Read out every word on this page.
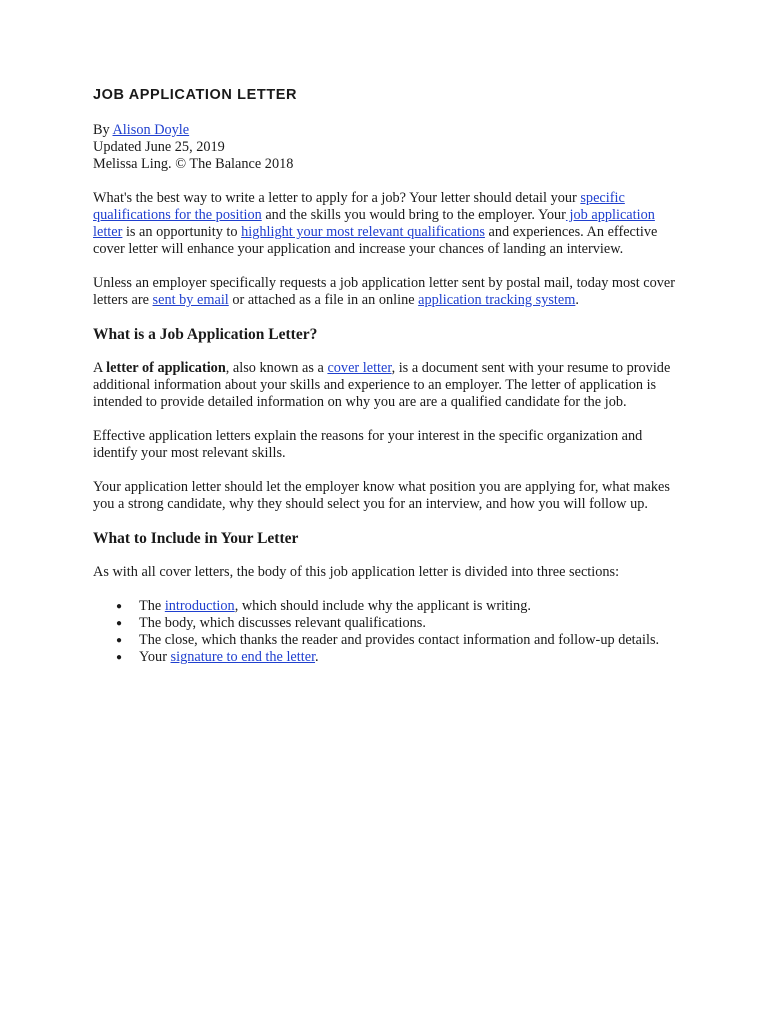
JOB APPLICATION LETTER
By Alison Doyle
Updated June 25, 2019
Melissa Ling. © The Balance 2018

What's the best way to write a letter to apply for a job? Your letter should detail your specific qualifications for the position and the skills you would bring to the employer. Your job application letter is an opportunity to highlight your most relevant qualifications and experiences. An effective cover letter will enhance your application and increase your chances of landing an interview.

Unless an employer specifically requests a job application letter sent by postal mail, today most cover letters are sent by email or attached as a file in an online application tracking system.

What is a Job Application Letter?

A letter of application, also known as a cover letter, is a document sent with your resume to provide additional information about your skills and experience to an employer. The letter of application is intended to provide detailed information on why you are are a qualified candidate for the job.

Effective application letters explain the reasons for your interest in the specific organization and identify your most relevant skills.

Your application letter should let the employer know what position you are applying for, what makes you a strong candidate, why they should select you for an interview, and how you will follow up.

What to Include in Your Letter

As with all cover letters, the body of this job application letter is divided into three sections:

● The introduction, which should include why the applicant is writing.
● The body, which discusses relevant qualifications.
● The close, which thanks the reader and provides contact information and follow-up details.
● Your signature to end the letter.
